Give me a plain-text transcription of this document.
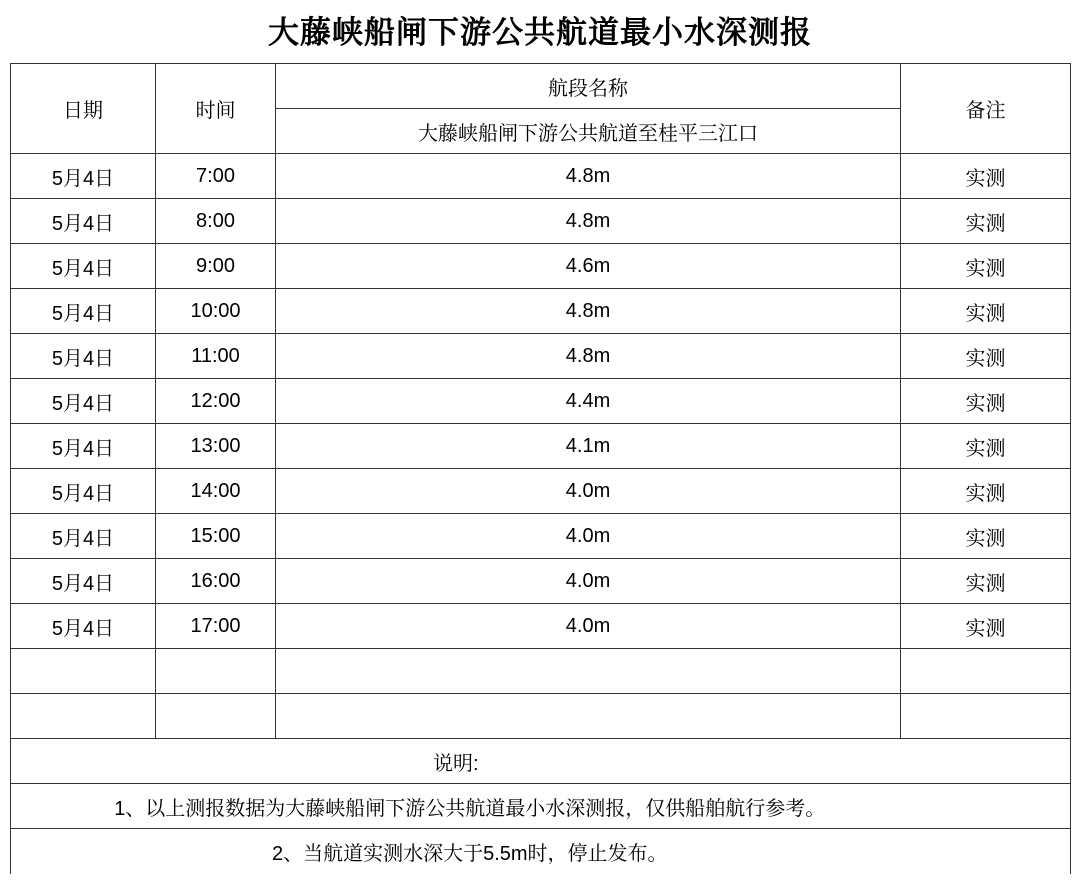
大藤峡船闸下游公共航道最小水深测报
日期	时间	航段名称	备注
		大藤峡船闸下游公共航道至桂平三江口	
5月4日	7:00	4.8m	实测
5月4日	8:00	4.8m	实测
5月4日	9:00	4.6m	实测
5月4日	10:00	4.8m	实测
5月4日	11:00	4.8m	实测
5月4日	12:00	4.4m	实测
5月4日	13:00	4.1m	实测
5月4日	14:00	4.0m	实测
5月4日	15:00	4.0m	实测
5月4日	16:00	4.0m	实测
5月4日	17:00	4.0m	实测

说明:			
1、以上测报数据为大藤峡船闸下游公共航道最小水深测报，仅供船舶航行参考。			
2、当航道实测水深大于5.5m时，停止发布。			
